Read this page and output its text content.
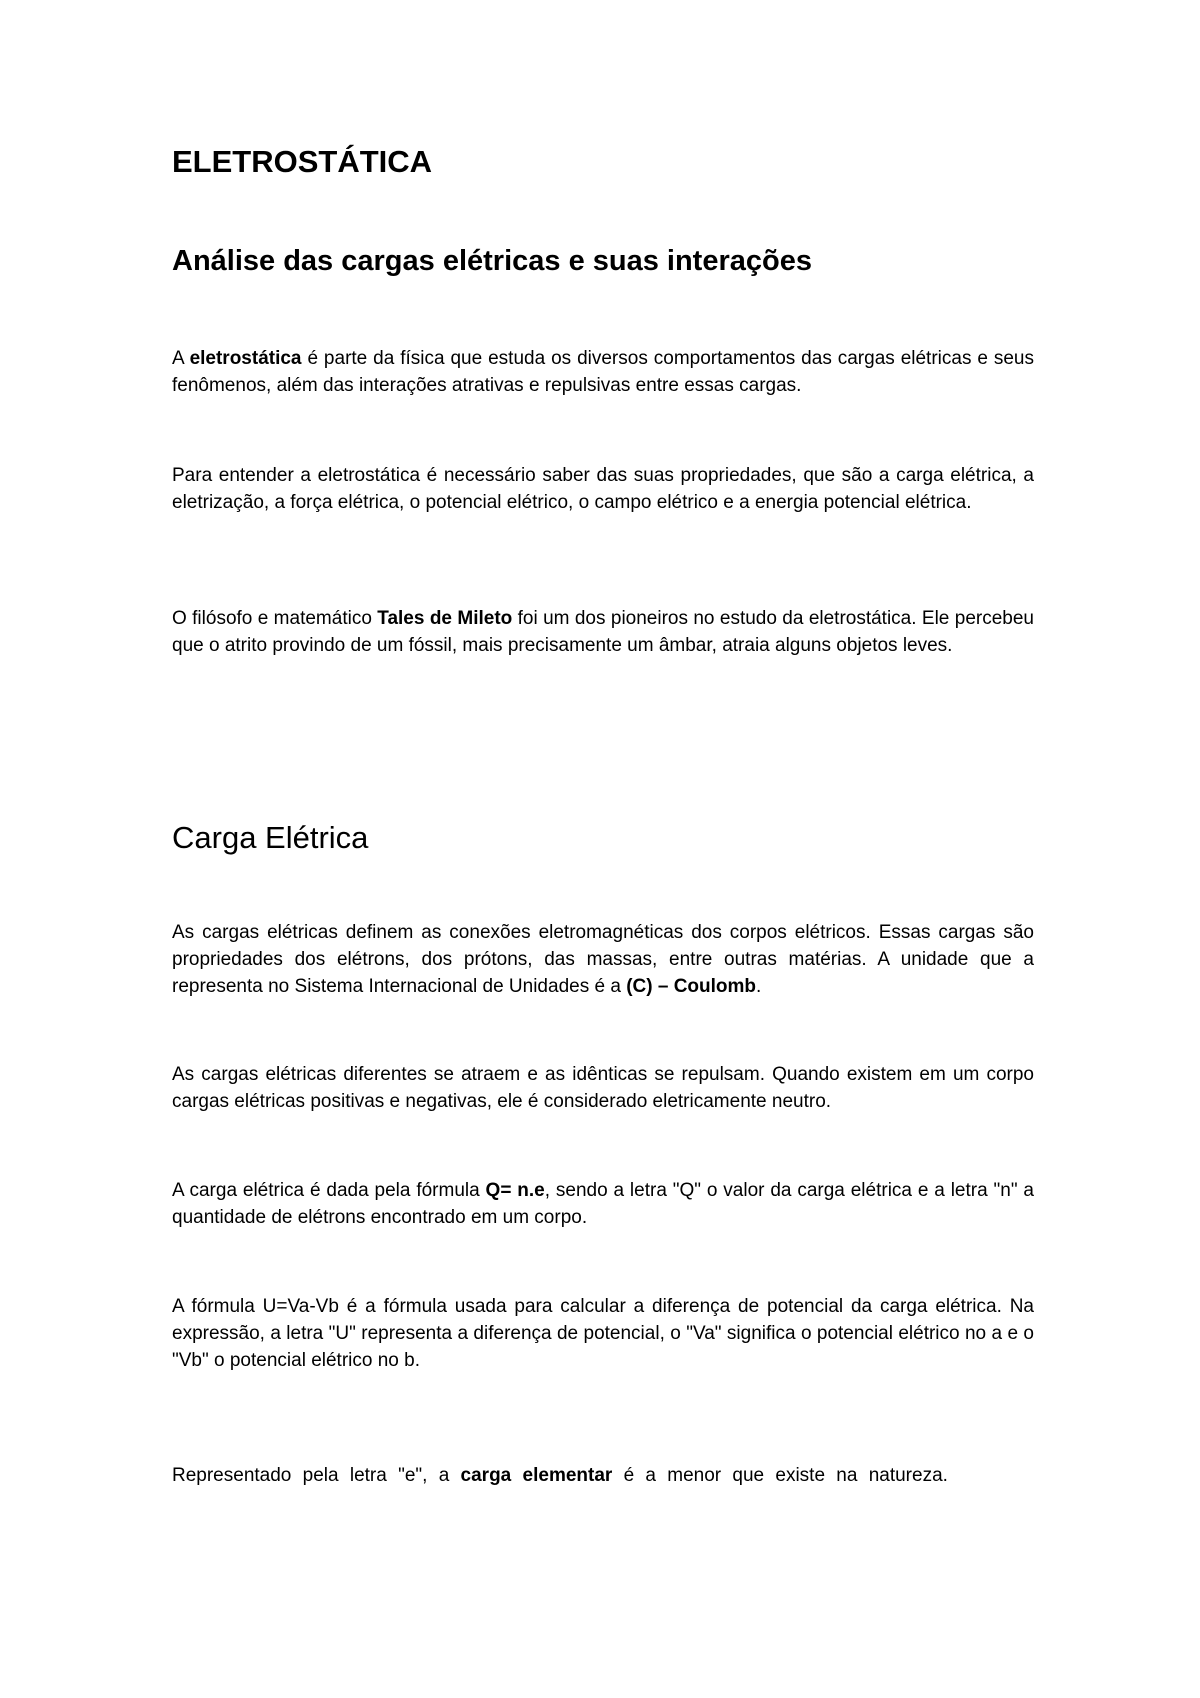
ELETROSTÁTICA
Análise das cargas elétricas e suas interações

A eletrostática é parte da física que estuda os diversos comportamentos das cargas elétricas e seus fenômenos, além das interações atrativas e repulsivas entre essas cargas.

Para entender a eletrostática é necessário saber das suas propriedades, que são a carga elétrica, a eletrização, a força elétrica, o potencial elétrico, o campo elétrico e a energia potencial elétrica.

O filósofo e matemático Tales de Mileto foi um dos pioneiros no estudo da eletrostática. Ele percebeu que o atrito provindo de um fóssil, mais precisamente um âmbar, atraia alguns objetos leves.

Carga Elétrica

As cargas elétricas definem as conexões eletromagnéticas dos corpos elétricos. Essas cargas são propriedades dos elétrons, dos prótons, das massas, entre outras matérias. A unidade que a representa no Sistema Internacional de Unidades é a (C) – Coulomb.

As cargas elétricas diferentes se atraem e as idênticas se repulsam. Quando existem em um corpo cargas elétricas positivas e negativas, ele é considerado eletricamente neutro.

A carga elétrica é dada pela fórmula Q= n.e, sendo a letra "Q" o valor da carga elétrica e a letra "n" a quantidade de elétrons encontrado em um corpo.

A fórmula U=Va-Vb é a fórmula usada para calcular a diferença de potencial da carga elétrica. Na expressão, a letra "U" representa a diferença de potencial, o "Va" significa o potencial elétrico no a e o "Vb" o potencial elétrico no b.

Representado pela letra "e", a carga elementar é a menor que existe na natureza.
